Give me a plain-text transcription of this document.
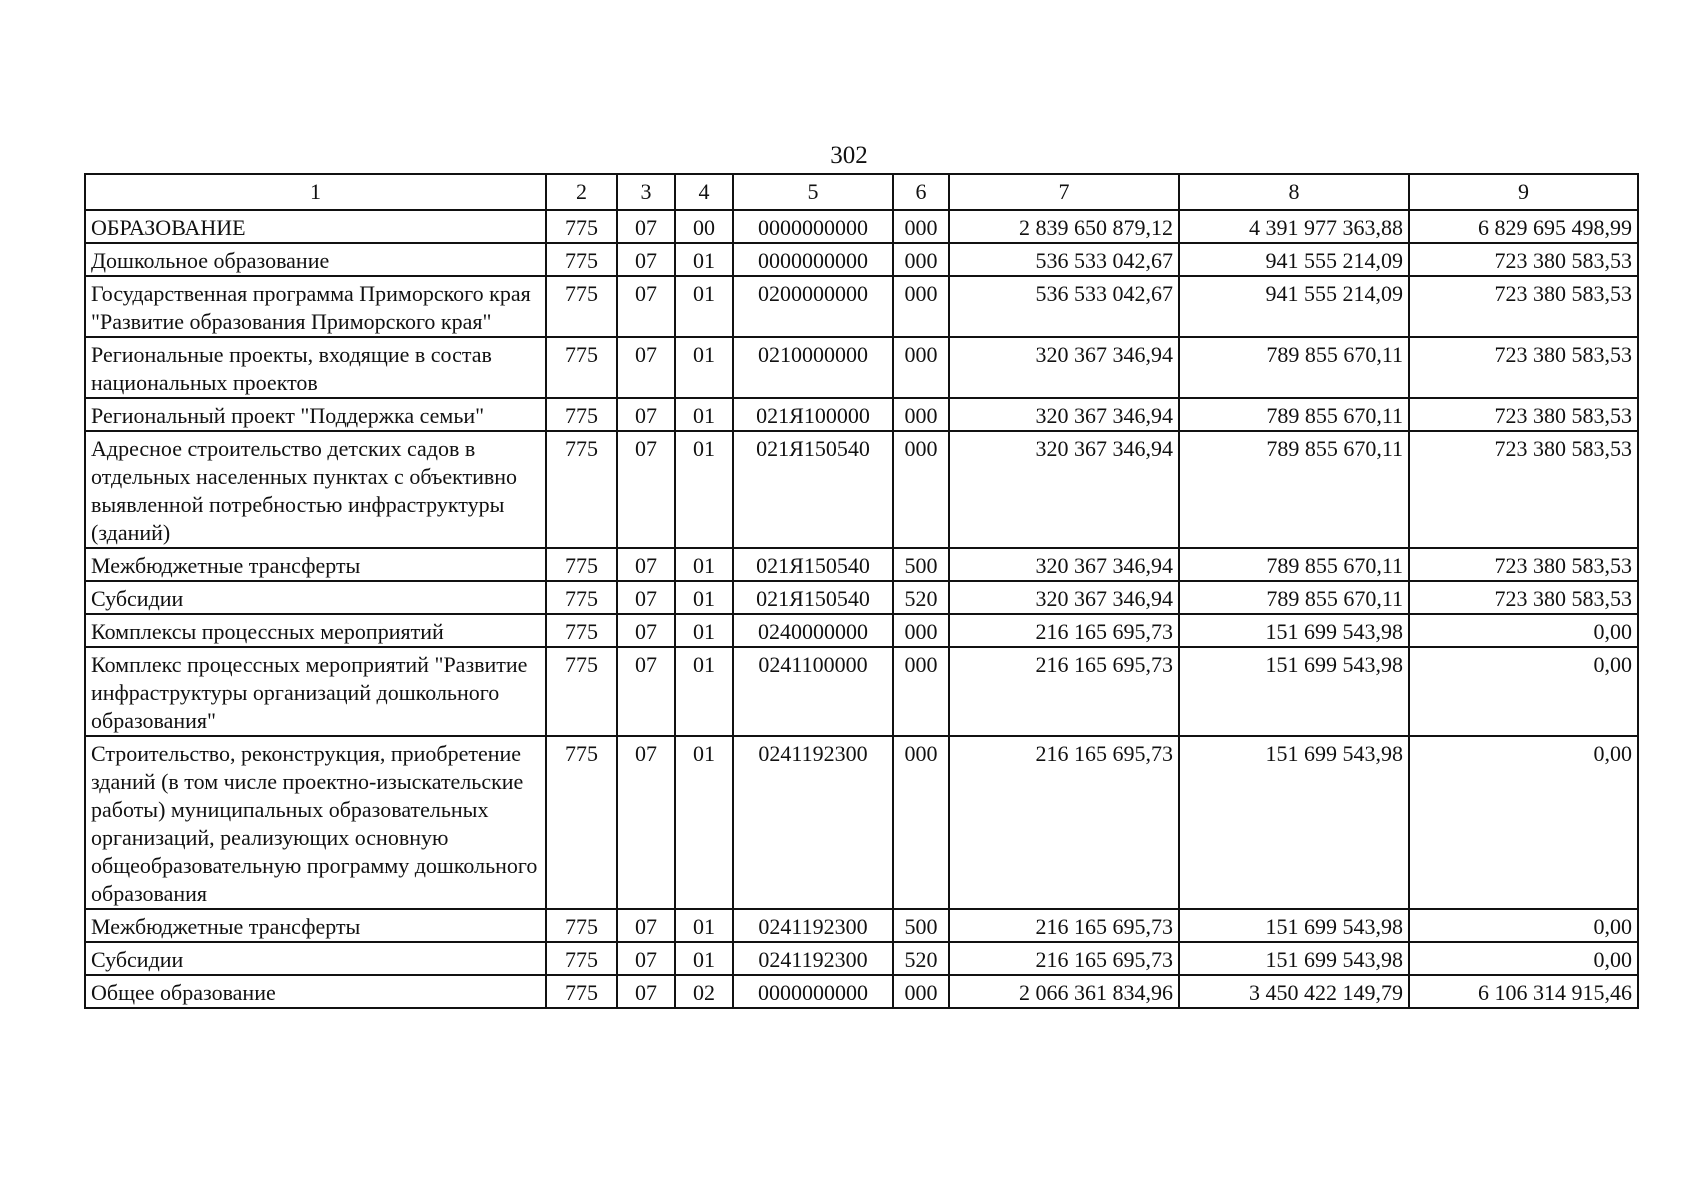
302
1	2	3	4	5	6	7	8	9
ОБРАЗОВАНИЕ	775	07	00	0000000000	000	2 839 650 879,12	4 391 977 363,88	6 829 695 498,99
Дошкольное образование	775	07	01	0000000000	000	536 533 042,67	941 555 214,09	723 380 583,53
Государственная программа Приморского края "Развитие образования Приморского края"	775	07	01	0200000000	000	536 533 042,67	941 555 214,09	723 380 583,53
Региональные проекты, входящие в состав национальных проектов	775	07	01	0210000000	000	320 367 346,94	789 855 670,11	723 380 583,53
Региональный проект "Поддержка семьи"	775	07	01	021Я100000	000	320 367 346,94	789 855 670,11	723 380 583,53
Адресное строительство детских садов в отдельных населенных пунктах с объективно выявленной потребностью инфраструктуры (зданий)	775	07	01	021Я150540	000	320 367 346,94	789 855 670,11	723 380 583,53
Межбюджетные трансферты	775	07	01	021Я150540	500	320 367 346,94	789 855 670,11	723 380 583,53
Субсидии	775	07	01	021Я150540	520	320 367 346,94	789 855 670,11	723 380 583,53
Комплексы процессных мероприятий	775	07	01	0240000000	000	216 165 695,73	151 699 543,98	0,00
Комплекс процессных мероприятий "Развитие инфраструктуры организаций дошкольного образования"	775	07	01	0241100000	000	216 165 695,73	151 699 543,98	0,00
Строительство, реконструкция, приобретение зданий (в том числе проектно-изыскательские работы) муниципальных образовательных организаций, реализующих основную общеобразовательную программу дошкольного образования	775	07	01	0241192300	000	216 165 695,73	151 699 543,98	0,00
Межбюджетные трансферты	775	07	01	0241192300	500	216 165 695,73	151 699 543,98	0,00
Субсидии	775	07	01	0241192300	520	216 165 695,73	151 699 543,98	0,00
Общее образование	775	07	02	0000000000	000	2 066 361 834,96	3 450 422 149,79	6 106 314 915,46
